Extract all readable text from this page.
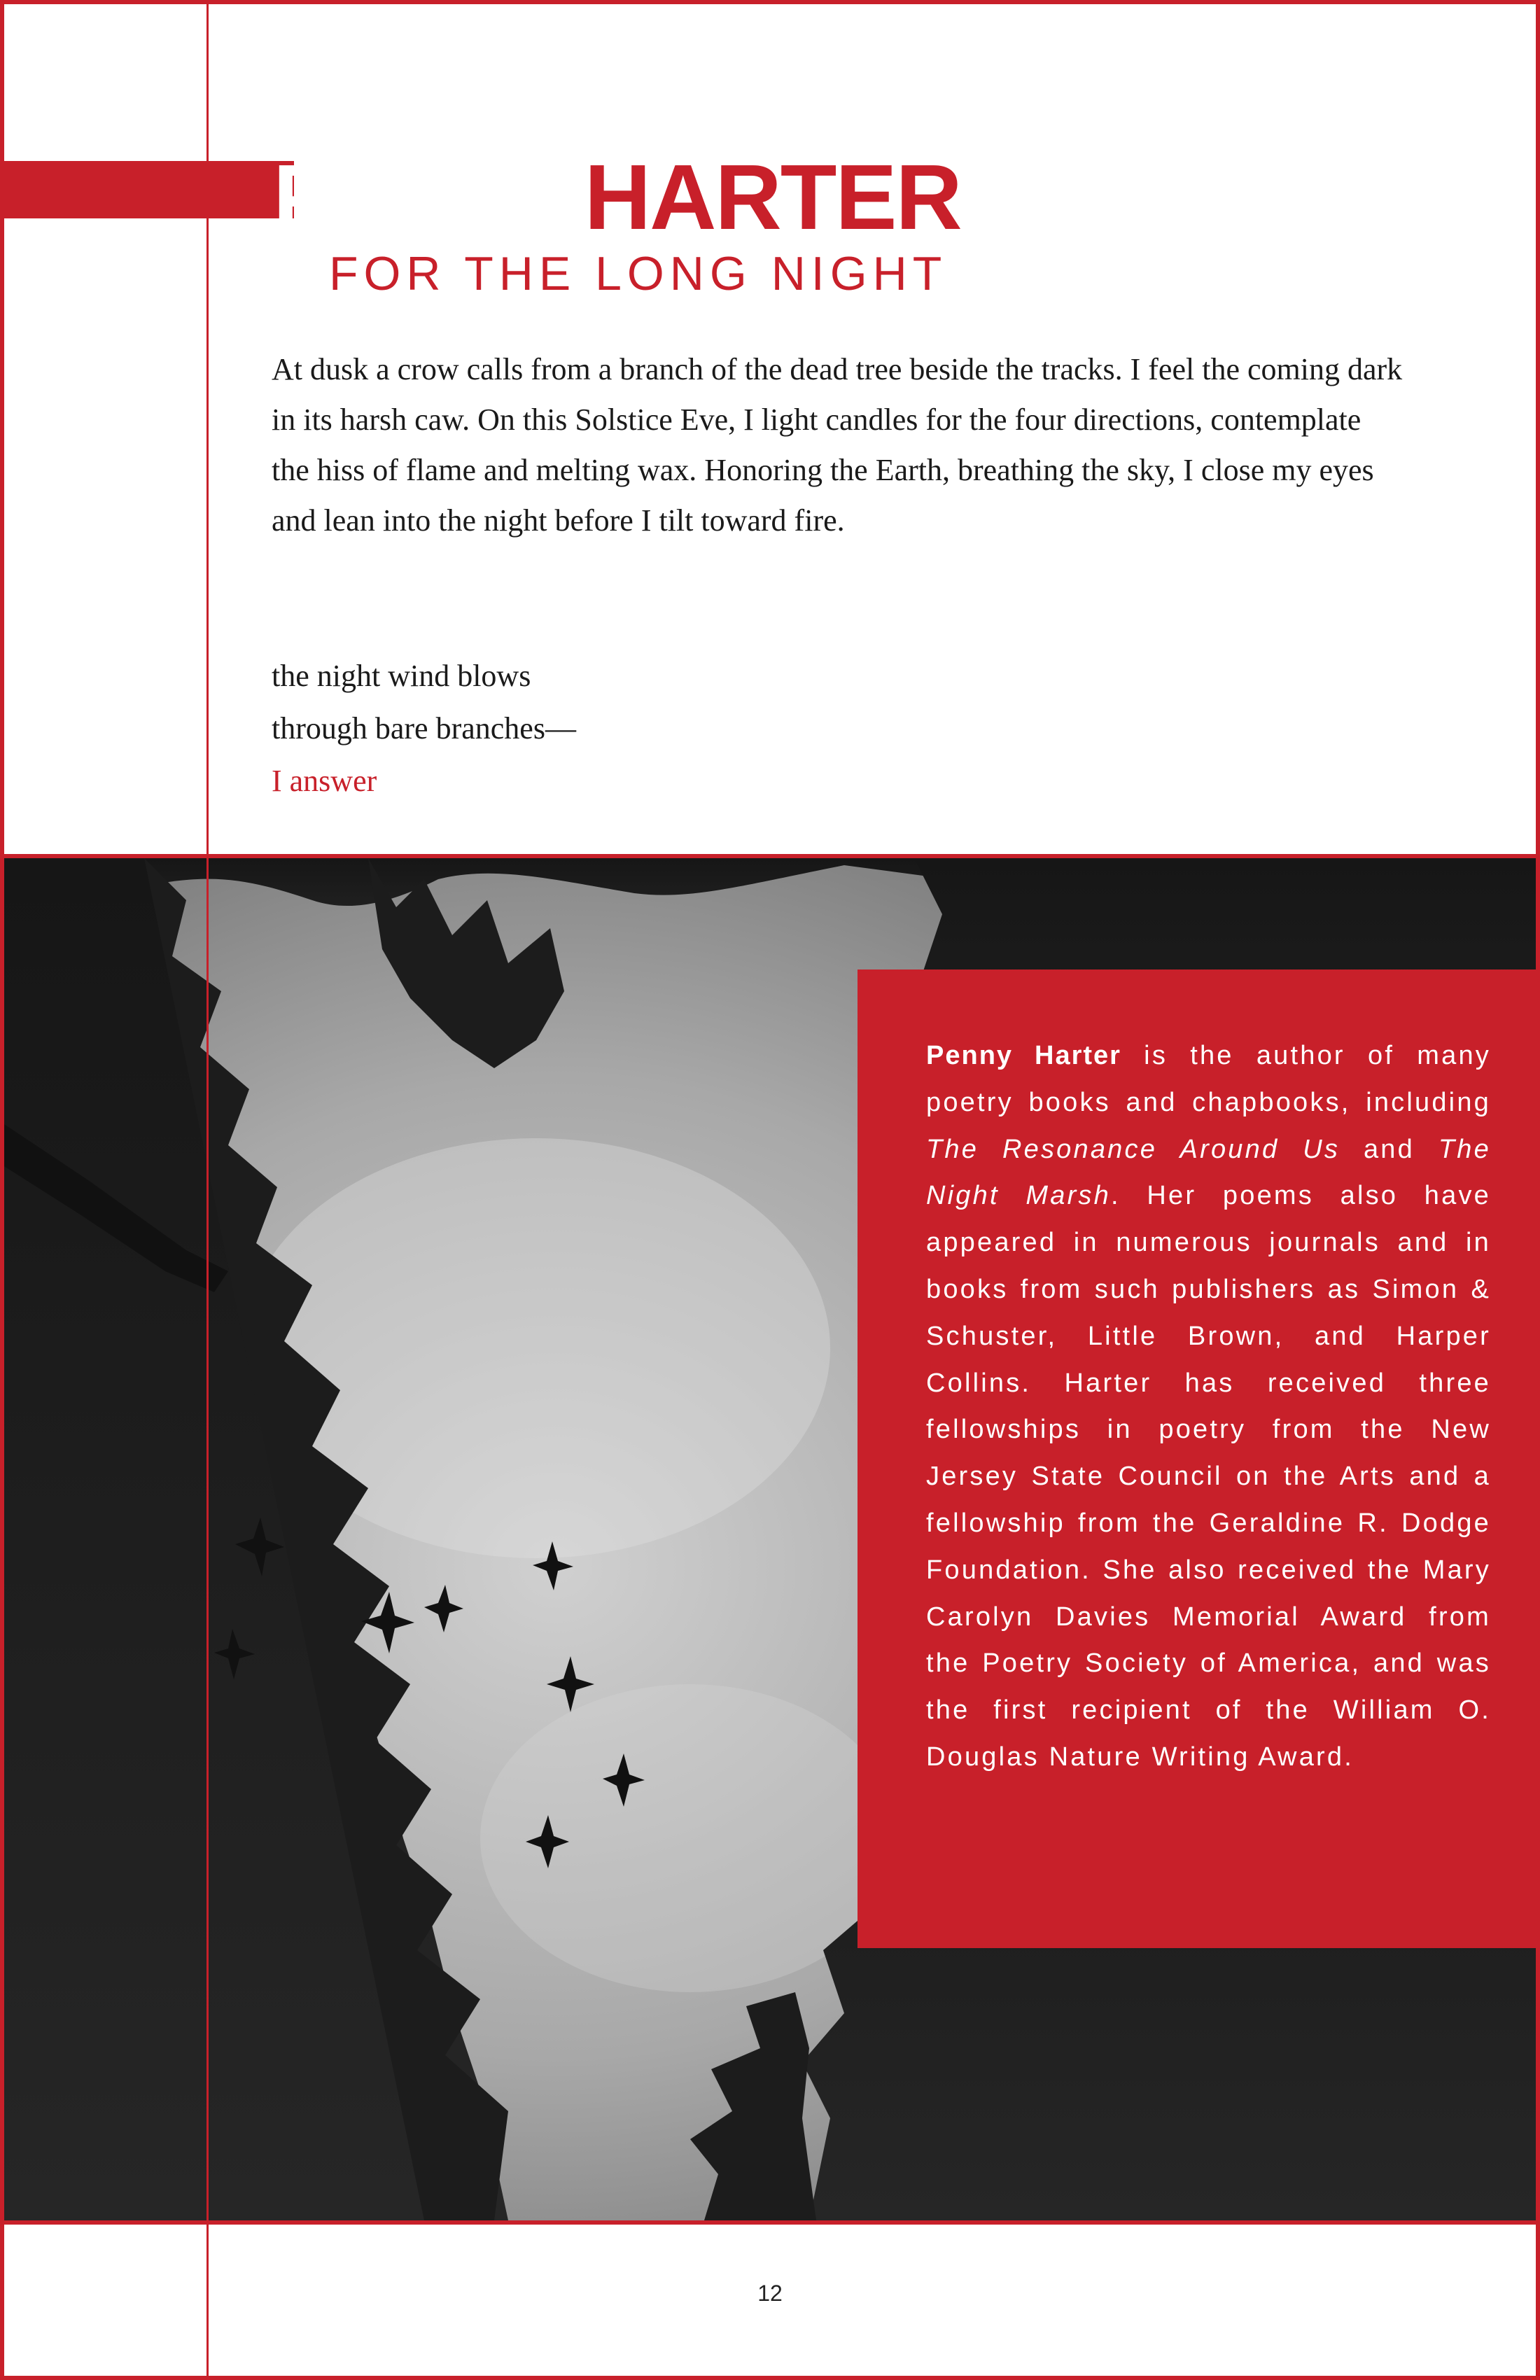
PENNYHARTER
FOR THE LONG NIGHT

At dusk a crow calls from a branch of the dead tree beside the tracks. I feel the coming dark in its harsh caw. On this Solstice Eve, I light candles for the four directions, contemplate the hiss of flame and melting wax. Honoring the Earth, breathing the sky, I close my eyes and lean into the night before I tilt toward fire.

the night wind blows
through bare branches—
I answer

Penny Harter is the author of many poetry books and chapbooks, including The Resonance Around Us and The Night Marsh. Her poems also have appeared in numerous journals and in books from such publishers as Simon & Schuster, Little Brown, and Harper Collins. Harter has received three fellowships in poetry from the New Jersey State Council on the Arts and a fellowship from the Geraldine R. Dodge Foundation. She also received the Mary Carolyn Davies Memorial Award from the Poetry Society of America, and was the first recipient of the William O. Douglas Nature Writing Award.

12
